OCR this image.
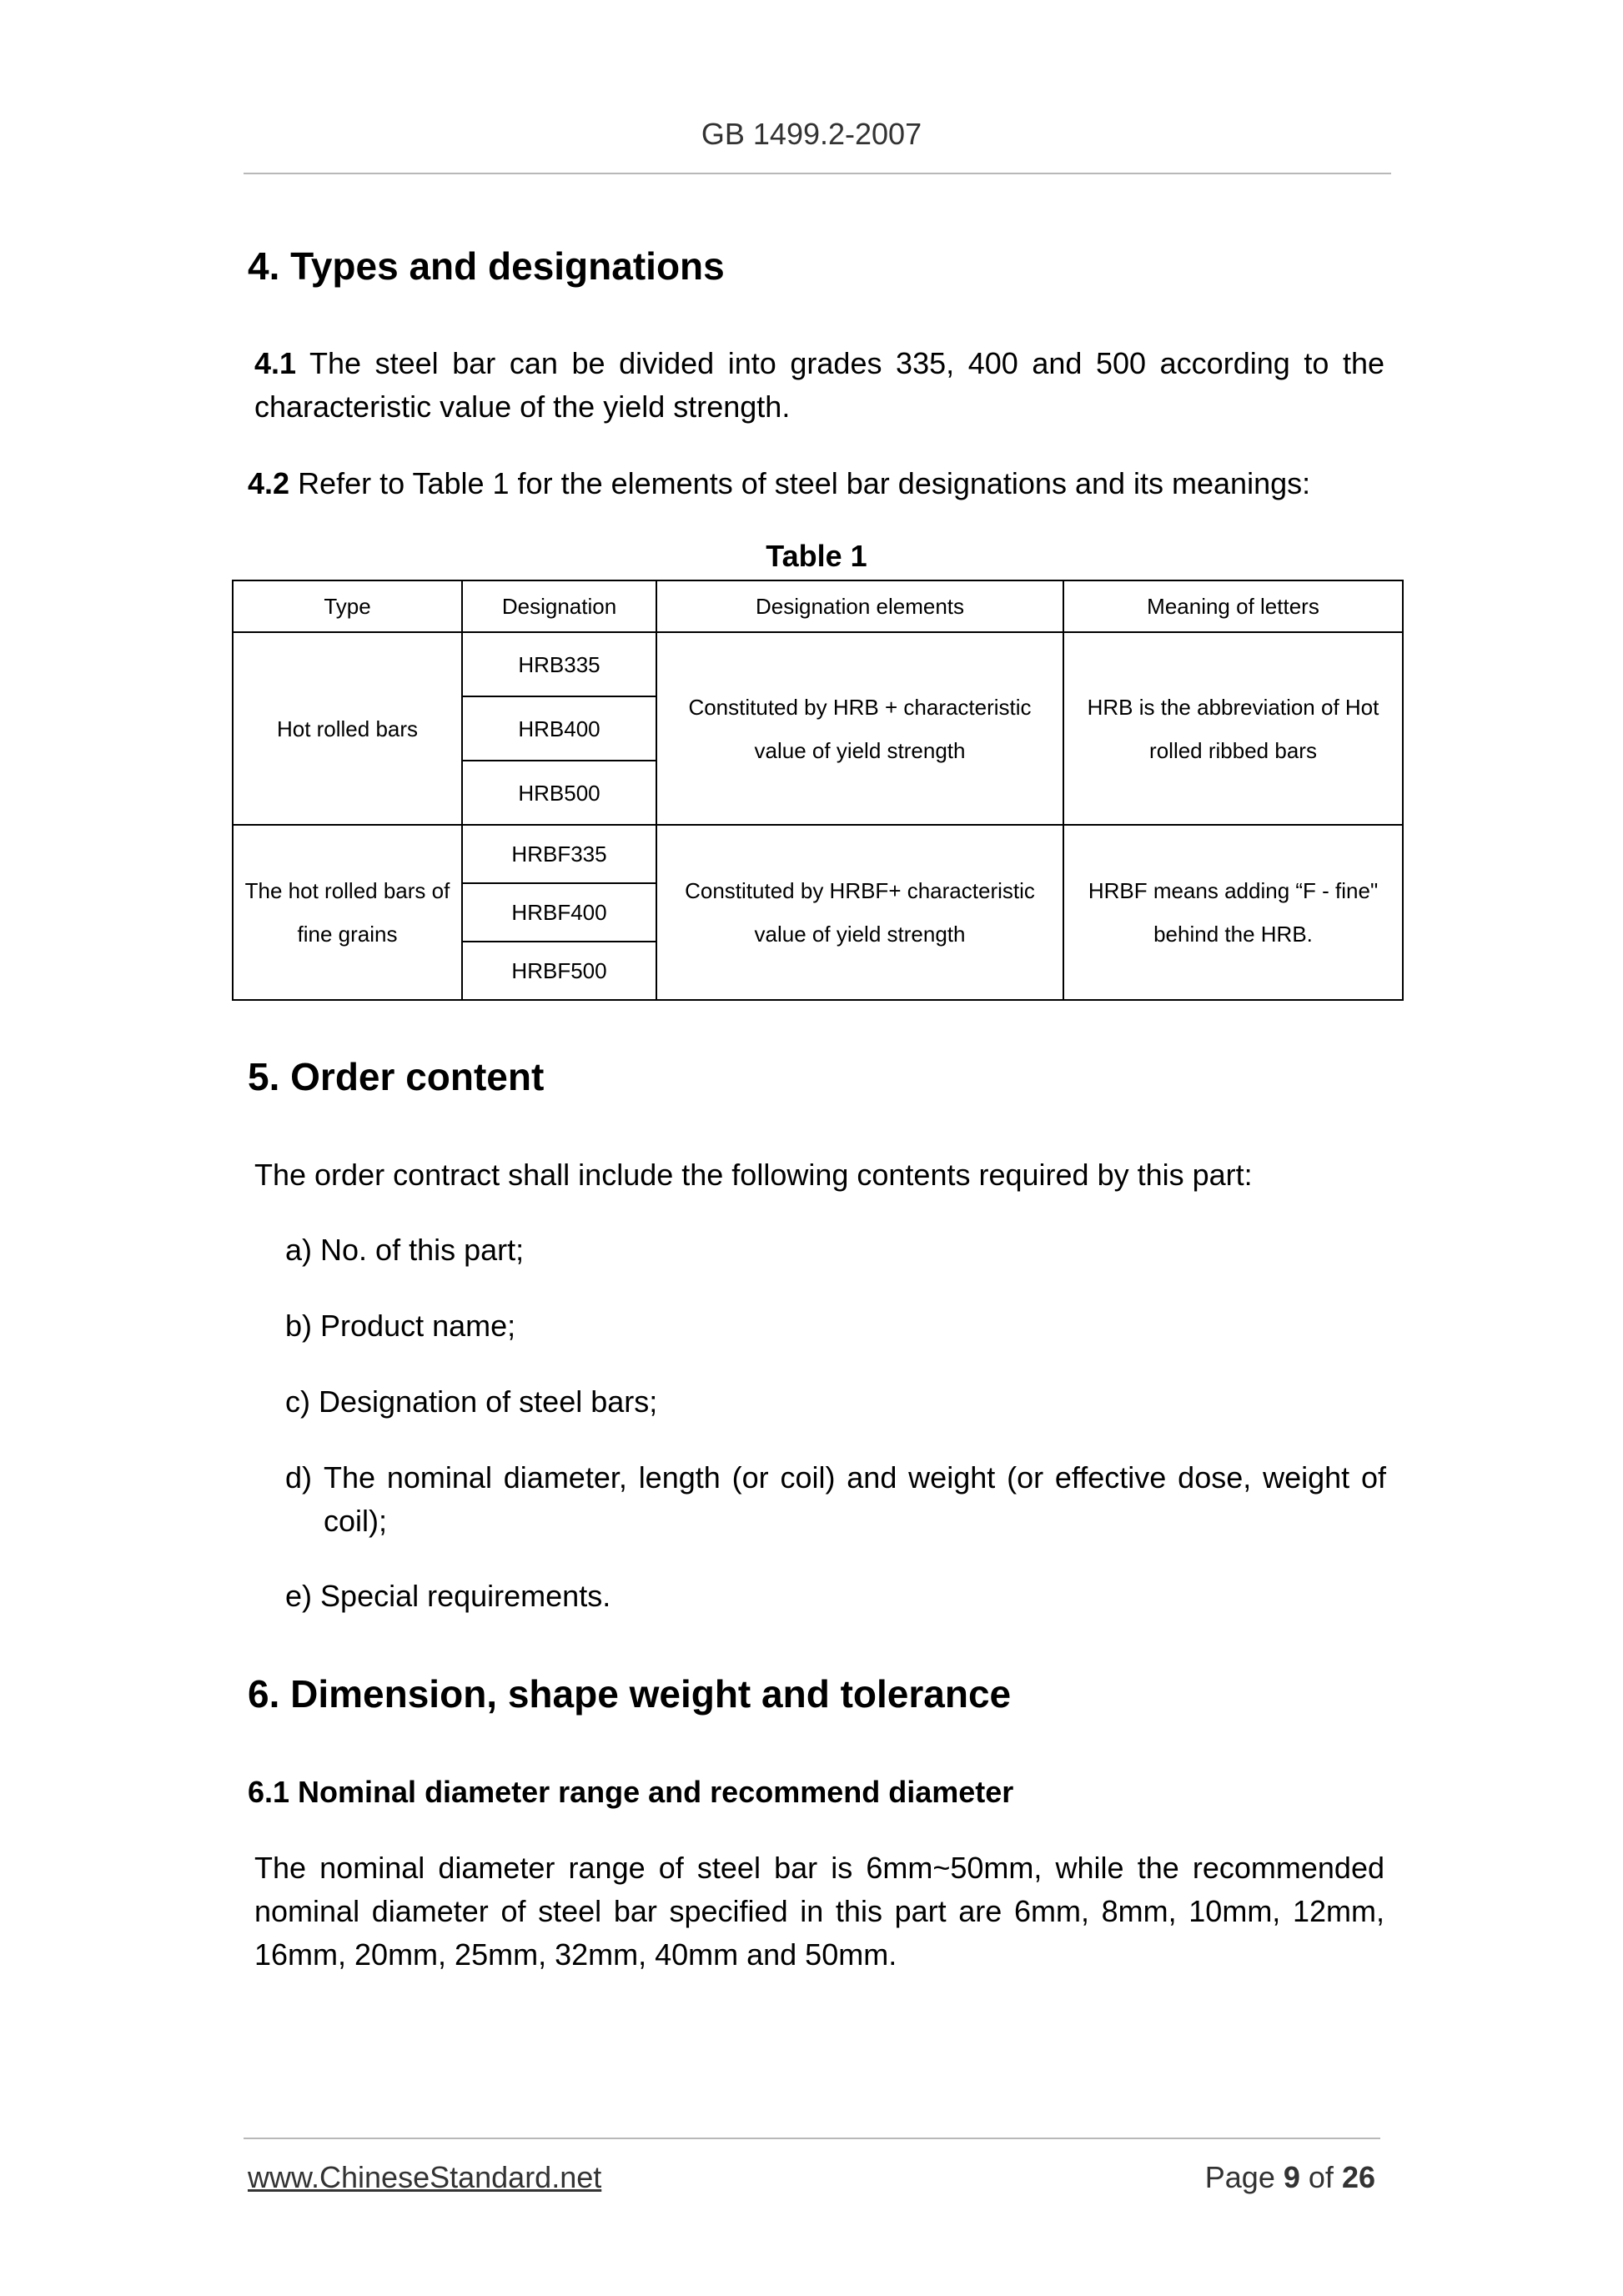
GB 1499.2-2007
4. Types and designations
4.1 The steel bar can be divided into grades 335, 400 and 500 according to the characteristic value of the yield strength.
4.2 Refer to Table 1 for the elements of steel bar designations and its meanings:
Table 1
Type	Designation	Designation elements	Meaning of letters
Hot rolled bars	HRB335	Constituted by HRB + characteristic value of yield strength	HRB is the abbreviation of Hot rolled ribbed bars
	HRB400		
	HRB500		
The hot rolled bars of fine grains	HRBF335	Constituted by HRBF+ characteristic value of yield strength	HRBF means adding “F - fine" behind the HRB.
	HRBF400		
	HRBF500		
5. Order content
The order contract shall include the following contents required by this part:
a) No. of this part;
b) Product name;
c) Designation of steel bars;
d) The nominal diameter, length (or coil) and weight (or effective dose, weight of coil);
e) Special requirements.
6. Dimension, shape weight and tolerance
6.1 Nominal diameter range and recommend diameter
The nominal diameter range of steel bar is 6mm~50mm, while the recommended nominal diameter of steel bar specified in this part are 6mm, 8mm, 10mm, 12mm, 16mm, 20mm, 25mm, 32mm, 40mm and 50mm.
www.ChineseStandard.net	Page 9 of 26
